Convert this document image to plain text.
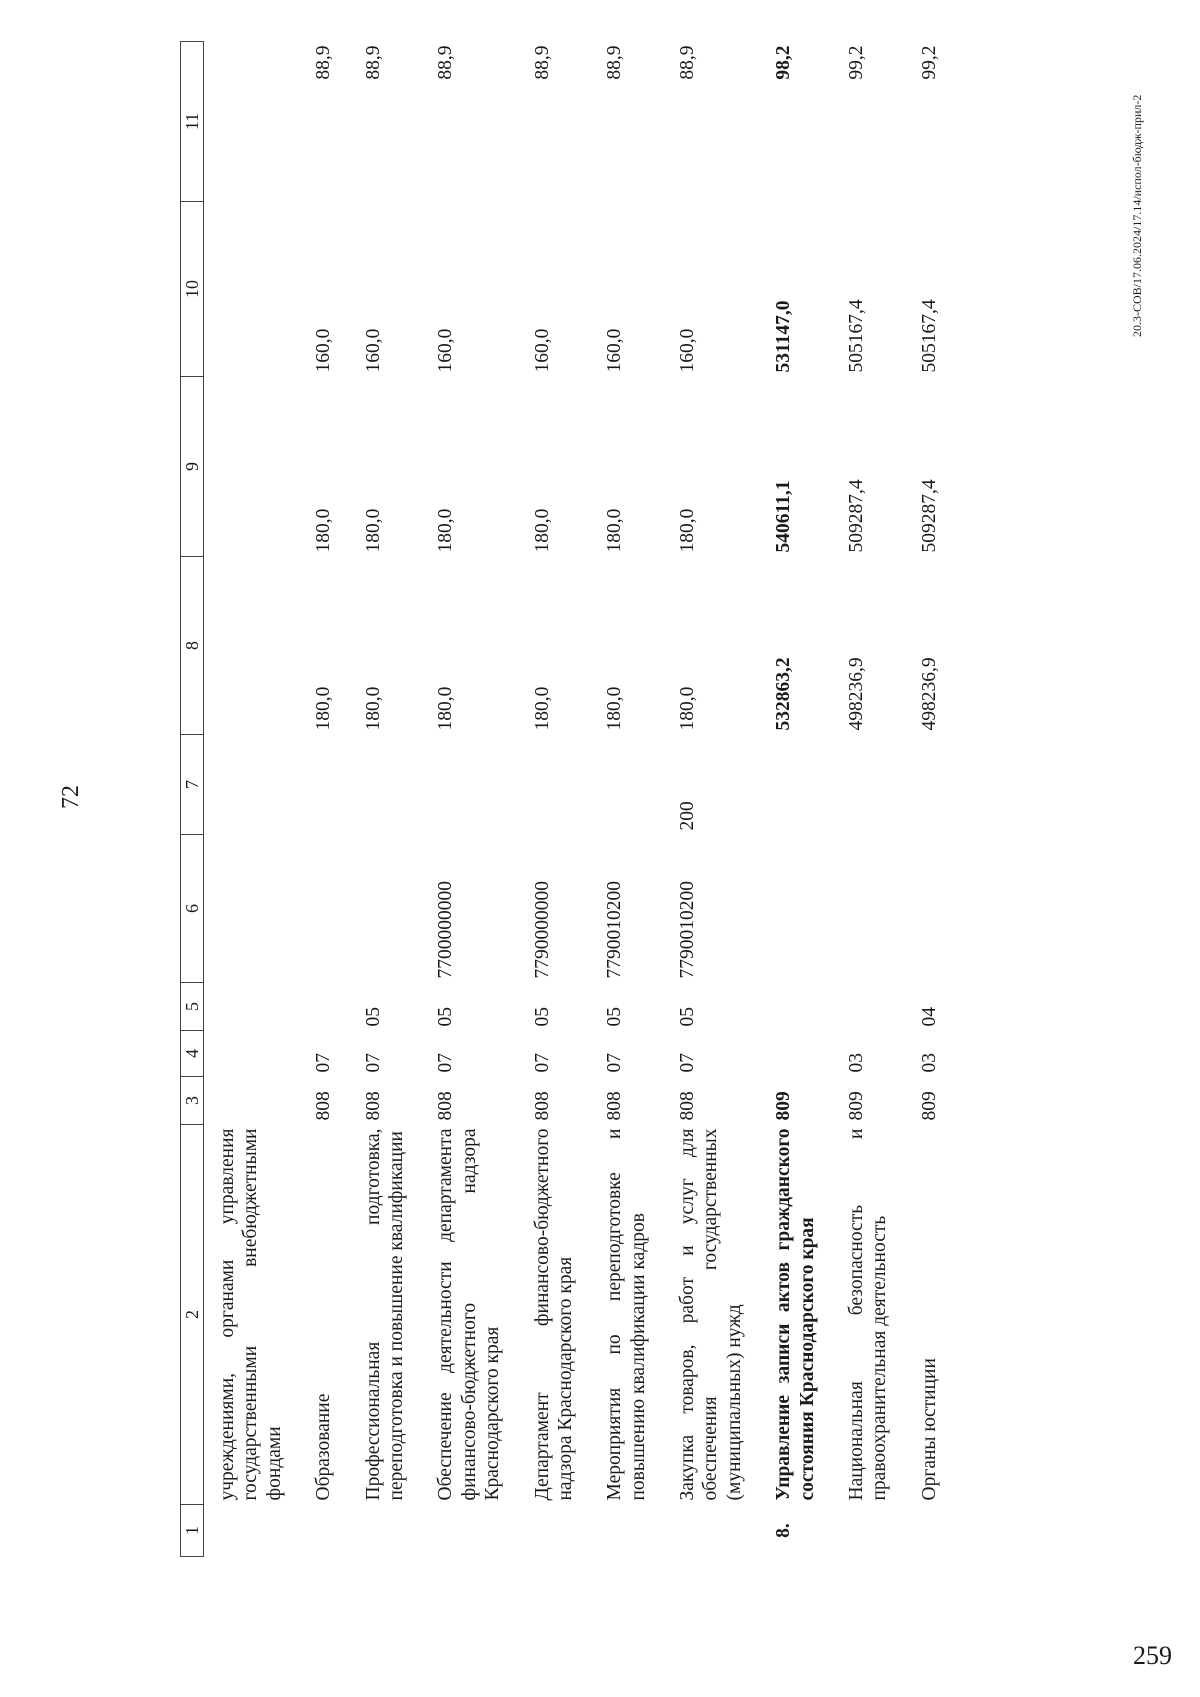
72
1	2	3	4	5	6	7	8	9	10	11
	учреждениями, органами управления государственными внебюджетными фондами									
	Образование	808	07				180,0	180,0	160,0	88,9
	Профессиональная подготовка, переподготовка и повышение квалификации	808	07	05			180,0	180,0	160,0	88,9
	Обеспечение деятельности департамента финансово-бюджетного надзора Краснодарского края	808	07	05	7700000000		180,0	180,0	160,0	88,9
	Департамент финансово-бюджетного надзора Краснодарского края	808	07	05	7790000000		180,0	180,0	160,0	88,9
	Мероприятия по переподготовке и повышению квалификации кадров	808	07	05	7790010200		180,0	180,0	160,0	88,9
	Закупка товаров, работ и услуг для обеспечения государственных (муниципальных) нужд	808	07	05	7790010200	200	180,0	180,0	160,0	88,9
8.	Управление записи актов гражданского состояния Краснодарского края	809					532863,2	540611,1	531147,0	98,2
	Национальная безопасность и правоохранительная деятельность	809	03				498236,9	509287,4	505167,4	99,2
	Органы юстиции	809	03	04			498236,9	509287,4	505167,4	99,2
20.3-СОВ/17.06.2024/17.14/испол-бюдж-прил-2
259
